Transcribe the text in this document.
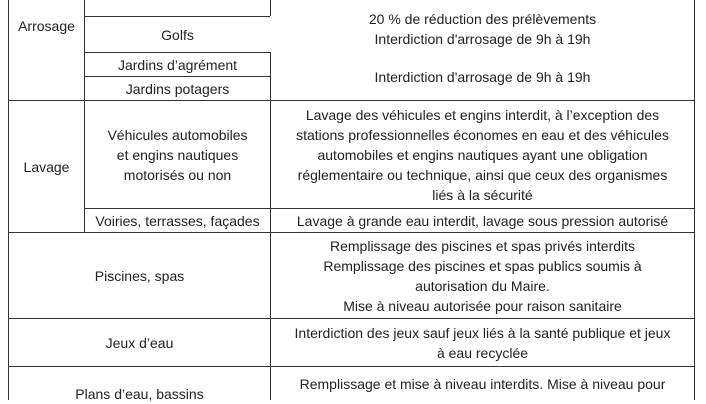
Arrosage
Golfs
20 % de réduction des prélèvements
Interdiction d'arrosage de 9h à 19h
Jardins d’agrément
Jardins potagers
Interdiction d'arrosage de 9h à 19h
Lavage
Véhicules automobiles
et engins nautiques
motorisés ou non
Lavage des véhicules et engins interdit, à l’exception des
stations professionnelles économes en eau et des véhicules
automobiles et engins nautiques ayant une obligation
réglementaire ou technique, ainsi que ceux des organismes
liés à la sécurité
Voiries, terrasses, façades	Lavage à grande eau interdit, lavage sous pression autorisé
Piscines, spas
Remplissage des piscines et spas privés interdits
Remplissage des piscines et spas publics soumis à
autorisation du Maire.
Mise à niveau autorisée pour raison sanitaire
Jeux d’eau
Interdiction des jeux sauf jeux liés à la santé publique et jeux
à eau recyclée
Plans d’eau, bassins
Remplissage et mise à niveau interdits. Mise à niveau pour
